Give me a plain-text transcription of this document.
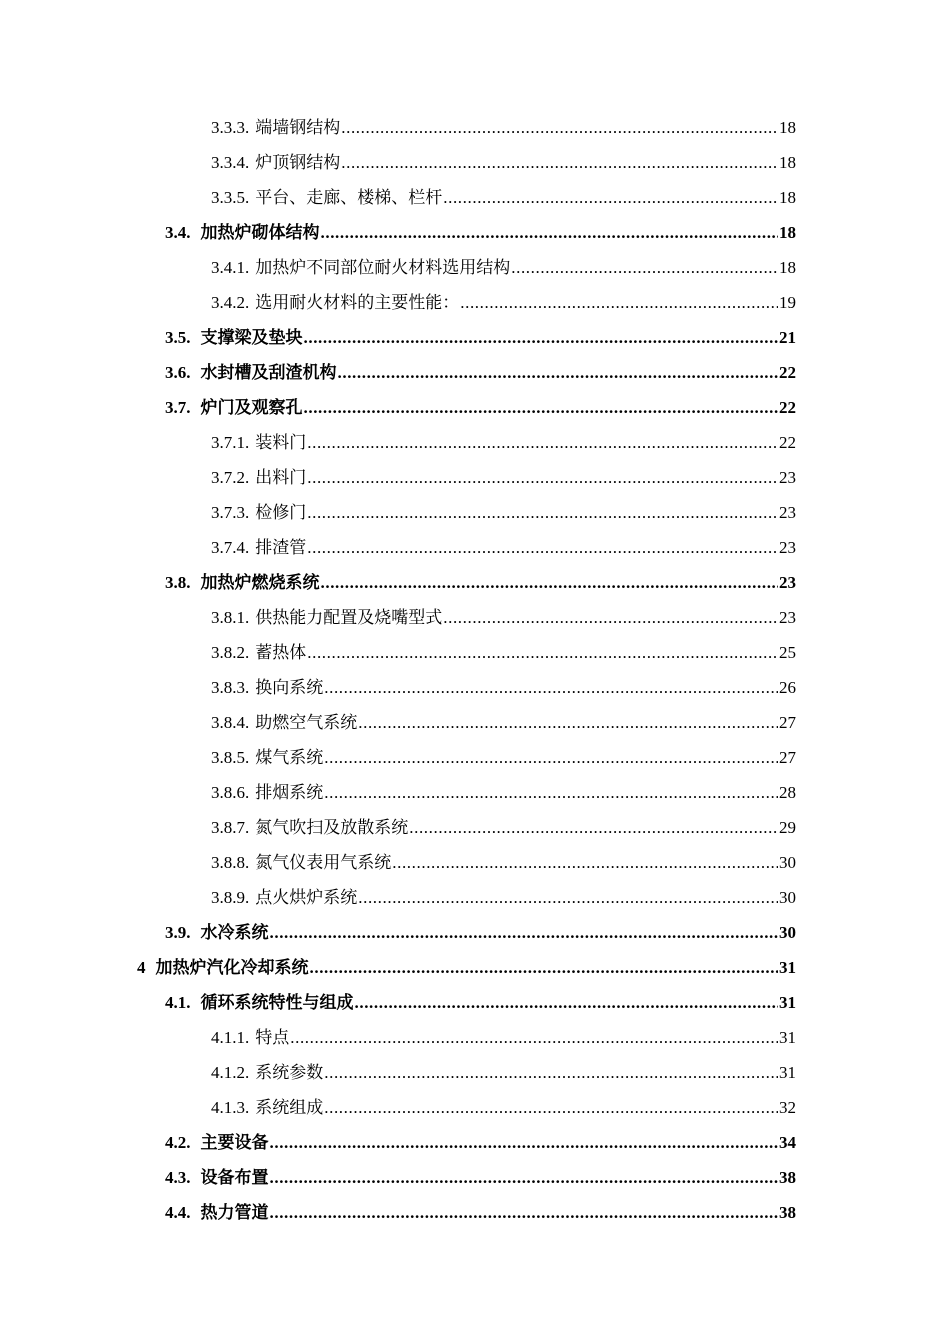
3.3.3. 端墙钢结构 .....	18
3.3.4. 炉顶钢结构 .....	18
3.3.5. 平台、走廊、楼梯、栏杆 .....	18
3.4. 加热炉砌体结构 .....	18
3.4.1. 加热炉不同部位耐火材料选用结构 .....	18
3.4.2. 选用耐火材料的主要性能： .....	19
3.5. 支撑梁及垫块 .....	21
3.6. 水封槽及刮渣机构 .....	22
3.7. 炉门及观察孔 .....	22
3.7.1. 装料门 .....	22
3.7.2. 出料门 .....	23
3.7.3. 检修门 .....	23
3.7.4. 排渣管 .....	23
3.8. 加热炉燃烧系统 .....	23
3.8.1. 供热能力配置及烧嘴型式 .....	23
3.8.2. 蓄热体 .....	25
3.8.3. 换向系统 .....	26
3.8.4. 助燃空气系统 .....	27
3.8.5. 煤气系统 .....	27
3.8.6. 排烟系统 .....	28
3.8.7. 氮气吹扫及放散系统 .....	29
3.8.8. 氮气仪表用气系统 .....	30
3.8.9. 点火烘炉系统 .....	30
3.9. 水冷系统 .....	30
4 加热炉汽化冷却系统 .....	31
4.1. 循环系统特性与组成 .....	31
4.1.1. 特点 .....	31
4.1.2. 系统参数 .....	31
4.1.3. 系统组成 .....	32
4.2. 主要设备 .....	34
4.3. 设备布置 .....	38
4.4. 热力管道 .....	38
